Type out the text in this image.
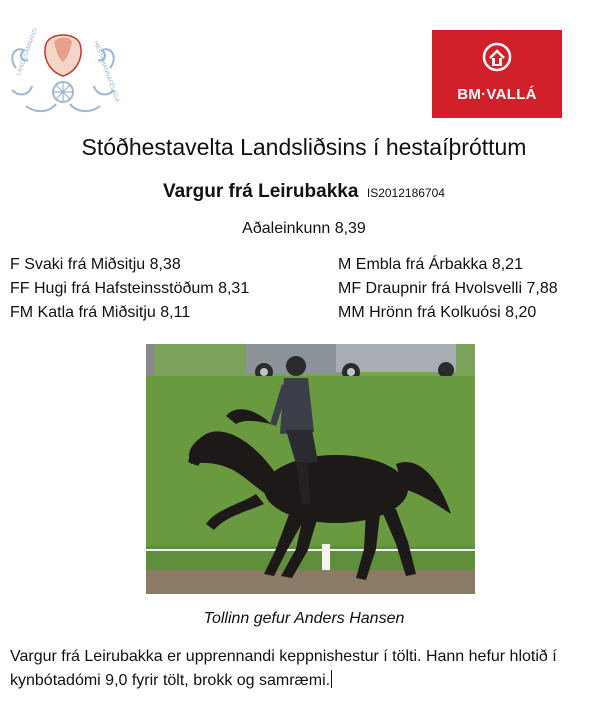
LANDSSAMBAND	HESTAMANNAFÉLAGA	BM·VALLÁ
Stóðhestavelta Landsliðsins í hestaíþróttum
Vargur frá Leirubakka IS2012186704
Aðaleinkunn 8,39
F Svaki frá Miðsitju 8,38
FF Hugi frá Hafsteinsstöðum 8,31
FM Katla frá Miðsitju 8,11
M Embla frá Árbakka 8,21
MF Draupnir frá Hvolsvelli 7,88
MM Hrönn frá Kolkuósi 8,20
Tollinn gefur Anders Hansen
Vargur frá Leirubakka er upprennandi keppnishestur í tölti. Hann hefur hlotið í
kynbótadómi 9,0 fyrir tölt, brokk og samræmi.
